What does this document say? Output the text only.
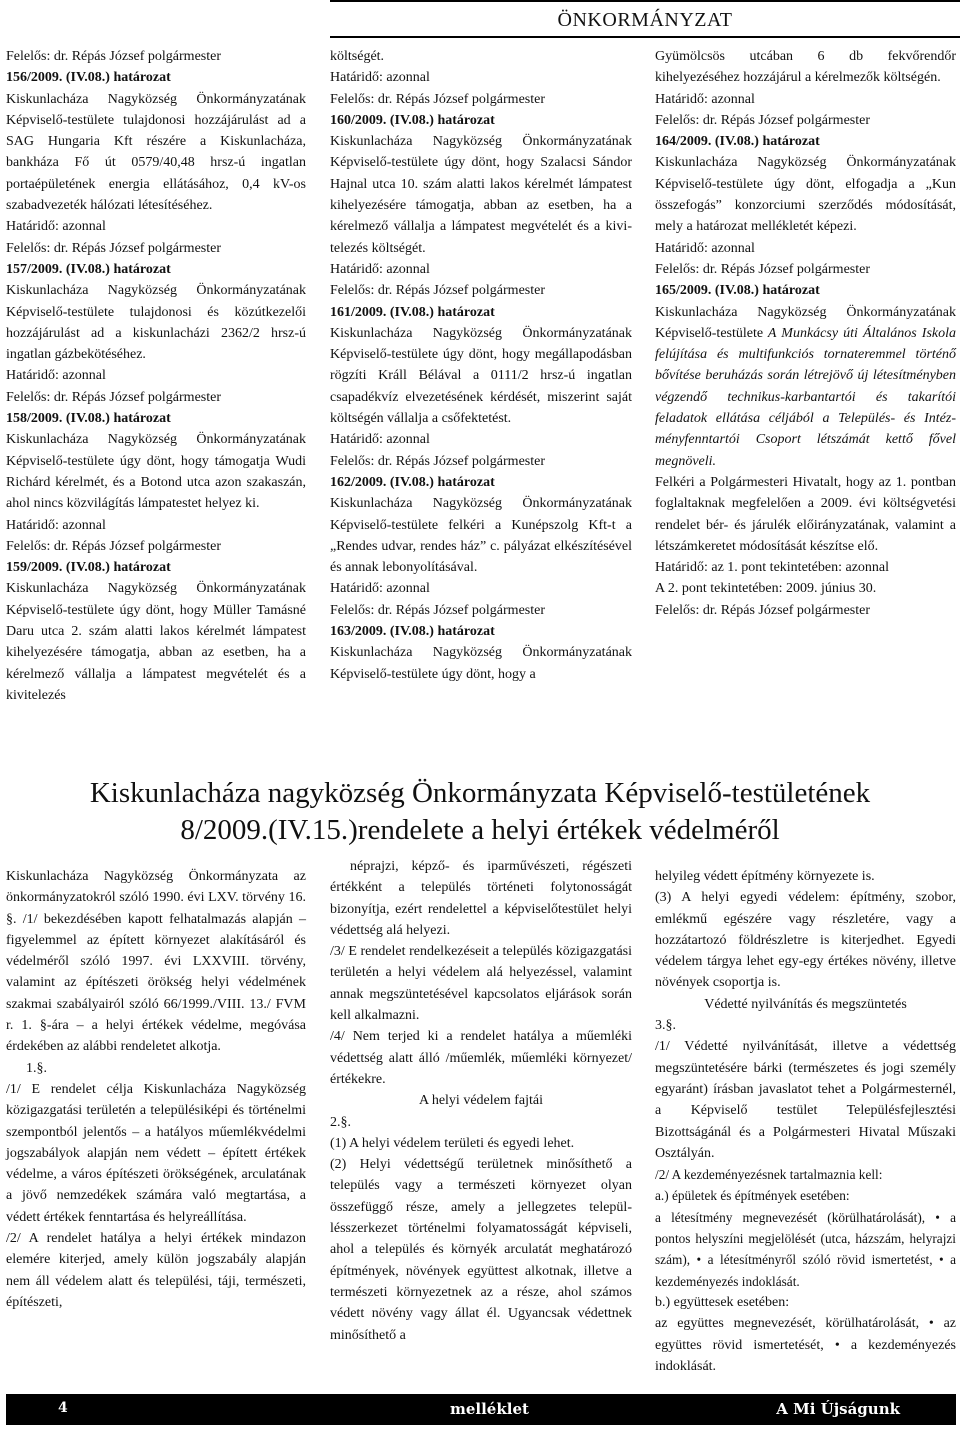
ÖNKORMÁNYZAT

Felelős: dr. Répás József polgármester

156/2009. (IV.08.) határozat

Kiskunlacháza Nagyközség Önkormányzatának Képviselő-testülete tulajdonosi hozzájárulást ad a SAG Hungaria Kft részére a Kiskunlacháza, bankháza Fő út 0579/40,48 hrsz-ú ingatlan portaépületének energia ellátásához, 0,4 kV-os szabadvezeték hálózati létesítéséhez.

Határidő: azonnal

Felelős: dr. Répás József polgármester

157/2009. (IV.08.) határozat

Kiskunlacháza Nagyközség Önkormányzatának Képviselő-testülete tulajdonosi és közútkezelői hozzájárulást ad a kiskunlacházi 2362/2 hrsz-ú ingatlan gázbekötéséhez.

Határidő: azonnal

Felelős: dr. Répás József polgármester

158/2009. (IV.08.) határozat

Kiskunlacháza Nagyközség Önkormányzatának Képviselő-testülete úgy dönt, hogy támogatja Wudi Richárd kérelmét, és a Botond utca azon szakaszán, ahol nincs közvilágítás lámpatestet helyez ki.

Határidő: azonnal

Felelős: dr. Répás József polgármester

159/2009. (IV.08.) határozat

Kiskunlacháza Nagyközség Önkormányzatának Képviselő-testülete úgy dönt, hogy Müller Tamásné Daru utca 2. szám alatti lakos kérelmét lámpatest kihelyezésére támogatja, abban az esetben, ha a kérelmező vállalja a lámpatest megvételét és a kivitelezés

költségét.

Határidő: azonnal

Felelős: dr. Répás József polgármester

160/2009. (IV.08.) határozat

Kiskunlacháza Nagyközség Önkormányzatának Képviselő-testülete úgy dönt, hogy Szalacsi Sándor Hajnal utca 10. szám alatti lakos kérelmét lámpatest kihelyezésére támogatja, abban az esetben, ha a kérelmező vállalja a lámpatest megvételét és a kivitelezés költségét.

Határidő: azonnal

Felelős: dr. Répás József polgármester

161/2009. (IV.08.) határozat

Kiskunlacháza Nagyközség Önkormányzatának Képviselő-testülete úgy dönt, hogy megállapodásban rögzíti Králl Bélával a 0111/2 hrsz-ú ingatlan csapadékvíz elvezetésének kérdését, miszerint saját költségén vállalja a csőfektetést.

Határidő: azonnal

Felelős: dr. Répás József polgármester

162/2009. (IV.08.) határozat

Kiskunlacháza Nagyközség Önkormányzatának Képviselő-testülete felkéri a Kunépszolg Kft-t a „Rendes udvar, rendes ház” c. pályázat elkészítésével és annak lebonyolításával.

Határidő: azonnal

Felelős: dr. Répás József polgármester

163/2009. (IV.08.) határozat

Kiskunlacháza Nagyközség Önkormányzatának Képviselő-testülete úgy dönt, hogy a

Gyümölcsös utcában 6 db fekvőrendőr kihelyezéséhez hozzájárul a kérelmezők költségén.

Határidő: azonnal

Felelős: dr. Répás József polgármester

164/2009. (IV.08.) határozat

Kiskunlacháza Nagyközség Önkormányzatának Képviselő-testülete úgy dönt, elfogadja a „Kun összefogás” konzorciumi szerződés módosítását, mely a határozat mellékletét képezi.

Határidő: azonnal

Felelős: dr. Répás József polgármester

165/2009. (IV.08.) határozat

Kiskunlacháza Nagyközség Önkormányzatának Képviselő-testülete A Munkácsy úti Általános Iskola felújítása és multifunkciós tornateremmel történő bővítése beruházás során létrejövő új létesítményben végzendő technikus-karbantartói és takarítói feladatok ellátása céljából a Település- és Intézményfenntartói Csoport létszámát kettő fővel megnöveli.

Felkéri a Polgármesteri Hivatalt, hogy az 1. pontban foglaltaknak megfelelően a 2009. évi költségvetési rendelet bér- és járulék előirányzatának, valamint a létszámkeretet módosítását készítse elő.

Határidő: az 1. pont tekintetében: azonnal

A 2. pont tekintetében: 2009. június 30.

Felelős: dr. Répás József polgármester

Kiskunlacháza nagyközség Önkormányzata Képviselő-testületének
8/2009.(IV.15.)rendelete a helyi értékek védelméről

Kiskunlacháza Nagyközség Önkormányzata az önkormányzatokról szóló 1990. évi LXV. törvény 16. §. /1/ bekezdésében kapott felhatalmazás alapján – figyelemmel az épített környezet alakításáról és védelméről szóló 1997. évi LXXVIII. törvény, valamint az építészeti örökség helyi védelmének szakmai szabályairól szóló 66/1999./VIII. 13./ FVM r. 1. §-ára – a helyi értékek védelme, megóvása érdekében az alábbi rendeletet alkotja.

1.§.

/1/ E rendelet célja Kiskunlacháza Nagyközség közigazgatási területén a településiképi és történelmi szempontból jelentős – a hatályos műemlékvédelmi jogszabályok alapján nem védett – épített értékek védelme, a város építészeti örökségének, arculatának a jövő nemzedékek számára való megtartása, a védett értékek fenntartása és helyreállítása.

/2/ A rendelet hatálya a helyi értékek mindazon elemére kiterjed, amely külön jogszabály alapján nem áll védelem alatt és települési, táji, természeti, építészeti,

néprajzi, képző- és iparművészeti, régészeti értékként a település történeti folytonosságát bizonyítja, ezért rendelettel a képviselőtestület helyi védettség alá helyezi.

/3/ E rendelet rendelkezéseit a település közigazgatási területén a helyi védelem alá helyezéssel, valamint annak megszüntetésével kapcsolatos eljárások során kell alkalmazni.

/4/ Nem terjed ki a rendelet hatálya a műemléki védettség alatt álló /műemlék, műemléki környezet/ értékekre.

A helyi védelem fajtái

2.§.

(1) A helyi védelem területi és egyedi lehet.

(2) Helyi védettségű területnek minősíthető a település vagy a természeti környezet olyan összefüggő része, amely a jellegzetes települlésszerkezet történelmi folyamatosságát képviseli, ahol a település és környék arculatát meghatározó építmények, növények együttest alkotnak, illetve a természeti környezetnek az a része, ahol számos védett növény vagy állat él. Ugyancsak védettnek minősíthető a

helyileg védett építmény környezete is.

(3) A helyi egyedi védelem: építmény, szobor, emlékmű egészére vagy részletére, vagy a hozzátartozó földrészletre is kiterjedhet. Egyedi védelem tárgya lehet egy-egy értékes növény, illetve növények csoportja is.

Védetté nyilvánítás és megszüntetés

3.§.

/1/ Védetté nyilvánítását, illetve a védettség megszüntetésére bárki (természetes és jogi személy egyaránt) írásban javaslatot tehet a Polgármesternél, a Képviselő testület Településfejlesztési Bizottságánál és a Polgármesteri Hivatal Műszaki Osztályán.

/2/ A kezdeményezésnek tartalmaznia kell:

a.) épületek és építmények esetében:

a létesítmény megnevezését (körülhatárolását), • a pontos helyszíni megjelölését (utca, házszám, helyrajzi szám), • a létesítményről szóló rövid ismertetést, • a kezdeményezés indoklását.

b.) együttesek esetében:

az együttes megnevezését, körülhatárolását, • az együttes rövid ismertetését, • a kezdeményezés indoklását.

4	melléklet	A Mi Újságunk
